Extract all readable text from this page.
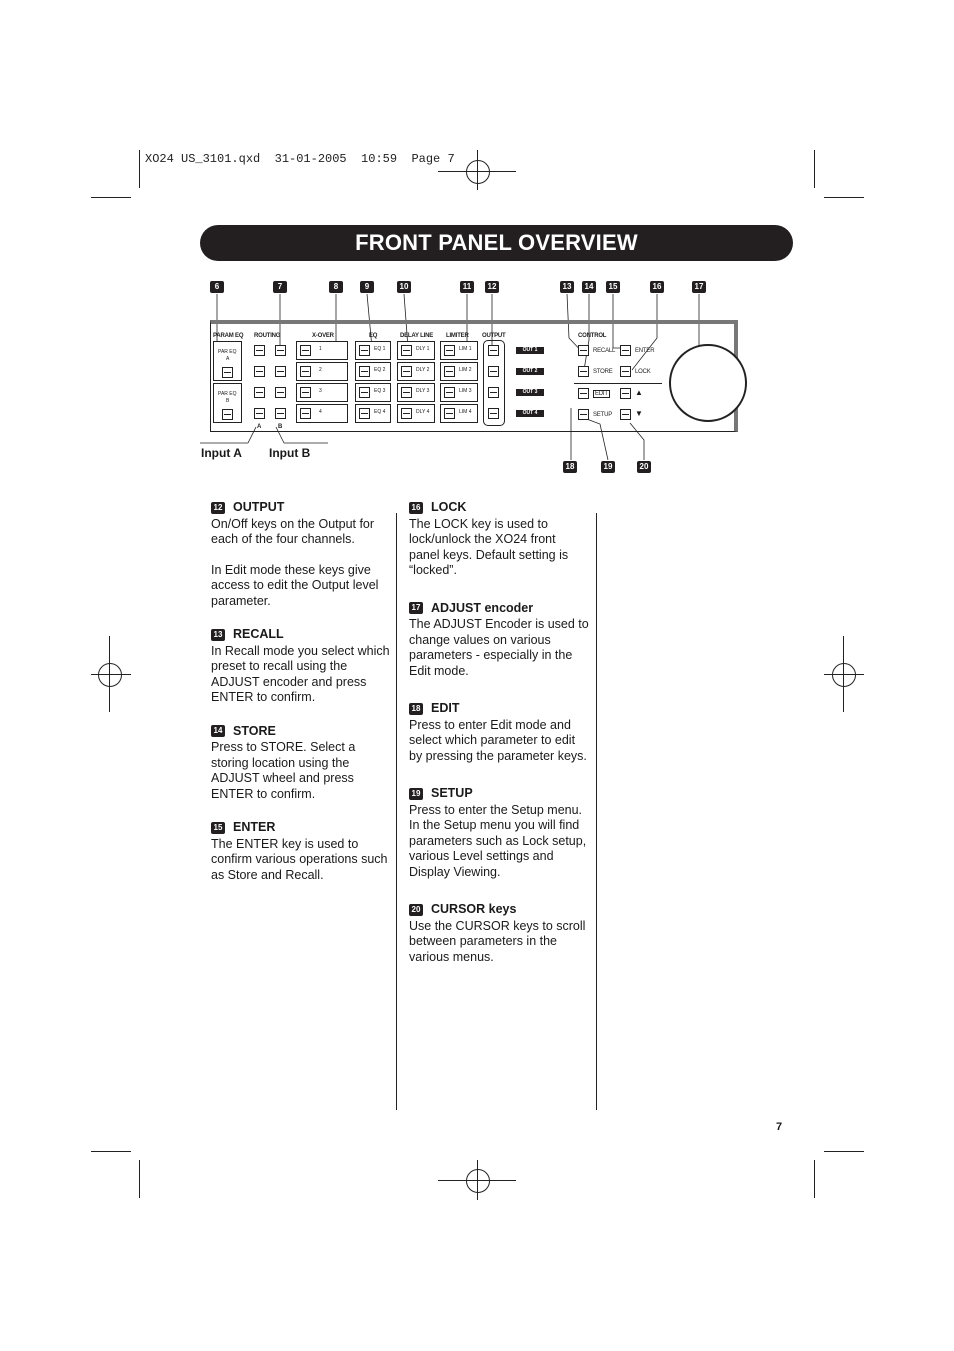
XO24 US_3101.qxd  31-01-2005  10:59  Page 7
FRONT PANEL OVERVIEW
6	7	8	9	10	11	12	13	14	15	16	17
PARAM EQ ROUTING	X-OVER	EQ	DELAY LINE LIMITER OUTPUT	CONTROL
PAR EQ
A
PAR EQ
B
A	B
1
2
3
4
EQ 1
EQ 2
EQ 3
EQ 4
DLY 1
DLY 2
DLY 3
DLY 4
LIM 1
LIM 2
LIM 3
LIM 4
OUT 1
OUT 2
OUT 3
OUT 4
RECALL	ENTER
STORE	LOCK
EDIT	▲
SETUP	▼
18	19	20
Input A Input B
12 OUTPUT

On/Off keys on the Output for each of the four channels.

In Edit mode these keys give access to edit the Output level parameter.

13 RECALL

In Recall mode you select which preset to recall using the ADJUST encoder and press ENTER to confirm.

14 STORE

Press to STORE. Select a storing location using the ADJUST wheel and press ENTER to confirm.

15 ENTER

The ENTER key is used to confirm various operations such as Store and Recall.

16 LOCK

The LOCK key is used to lock/unlock the XO24 front panel keys. Default setting is “locked”.

17 ADJUST encoder

The ADJUST Encoder is used to change values on various parameters - especially in the Edit mode.

18 EDIT

Press to enter Edit mode and select which parameter to edit by pressing the parameter keys.

19 SETUP

Press to enter the Setup menu. In the Setup menu you will find parameters such as Lock setup, various Level settings and Display Viewing.

20 CURSOR keys

Use the CURSOR keys to scroll between parameters in the various menus.

7
